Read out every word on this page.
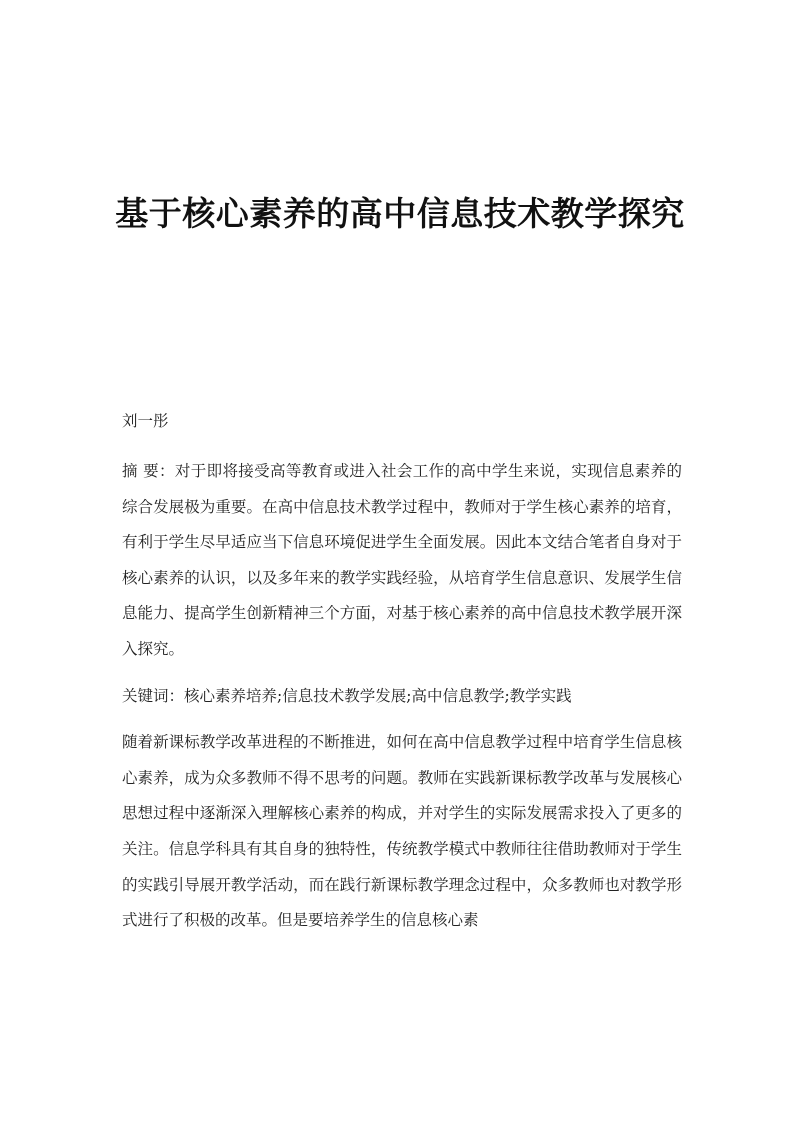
基于核心素养的高中信息技术教学探究
刘一彤
摘 要：对于即将接受高等教育或进入社会工作的高中学生来说，实现信息素养的综合发展极为重要。在高中信息技术教学过程中，教师对于学生核心素养的培育，有利于学生尽早适应当下信息环境促进学生全面发展。因此本文结合笔者自身对于核心素养的认识，以及多年来的教学实践经验，从培育学生信息意识、发展学生信息能力、提高学生创新精神三个方面，对基于核心素养的高中信息技术教学展开深入探究。
关键词：核心素养培养;信息技术教学发展;高中信息教学;教学实践
随着新课标教学改革进程的不断推进，如何在高中信息教学过程中培育学生信息核心素养，成为众多教师不得不思考的问题。教师在实践新课标教学改革与发展核心思想过程中逐渐深入理解核心素养的构成，并对学生的实际发展需求投入了更多的关注。信息学科具有其自身的独特性，传统教学模式中教师往往借助教师对于学生的实践引导展开教学活动，而在践行新课标教学理念过程中，众多教师也对教学形式进行了积极的改革。但是要培养学生的信息核心素
